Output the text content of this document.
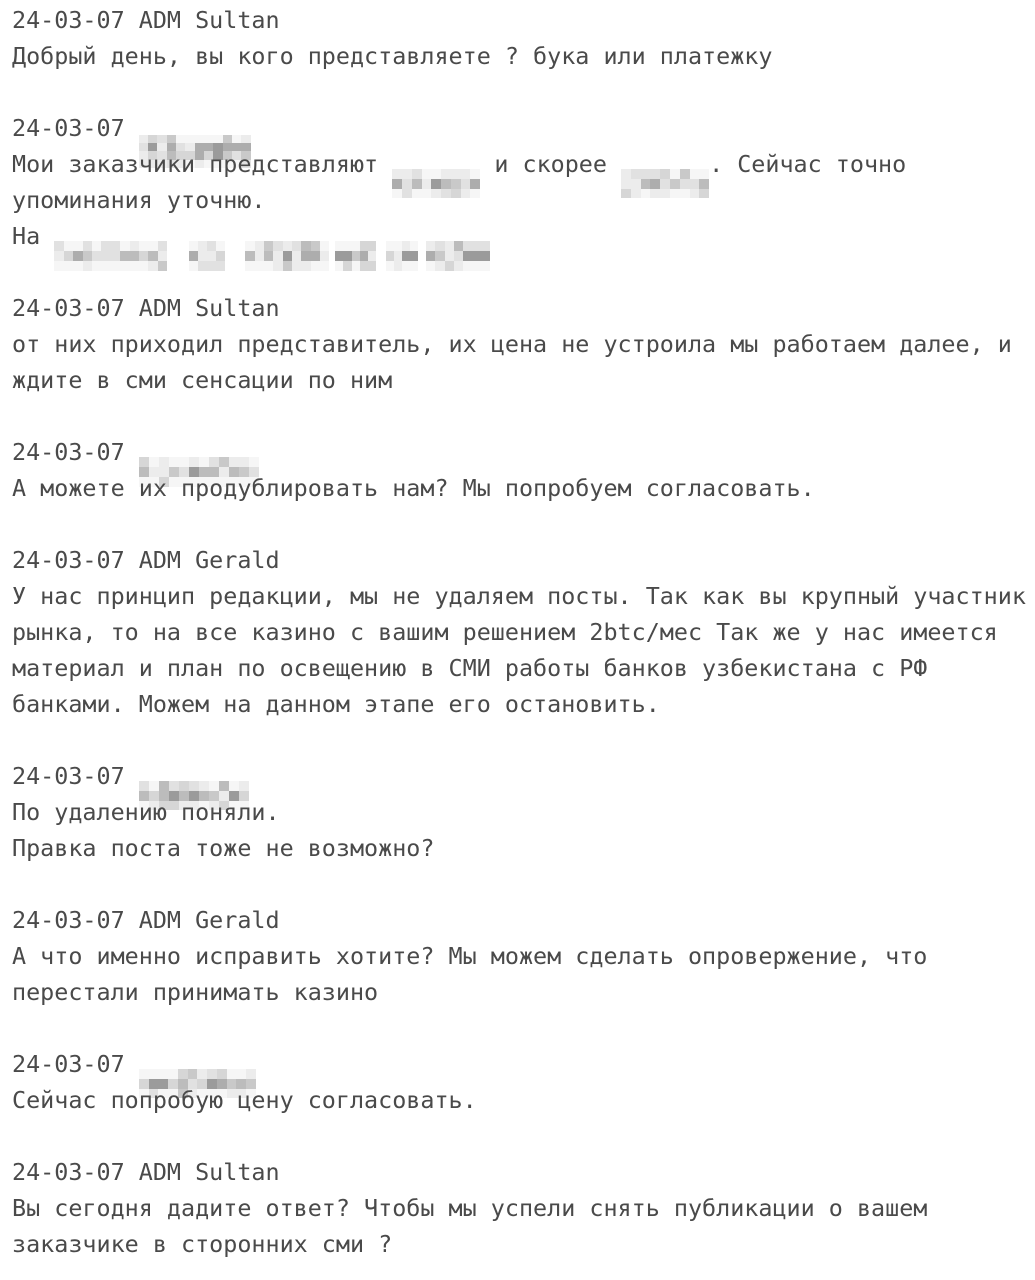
24-03-07 ADM Sultan
Добрый день, вы кого представляете ? бука или платежку
24-03-07
Мои заказчики представляют	и скорее	. Сейчас точно
упоминания уточню.
На
24-03-07 ADM Sultan
от них приходил представитель, их цена не устроила мы работаем далее, и
ждите в сми сенсации по ним
24-03-07
А можете их продублировать нам? Мы попробуем согласовать.
24-03-07 ADM Gerald
У нас принцип редакции, мы не удаляем посты. Так как вы крупный участник
рынка, то на все казино с вашим решением 2btc/мес Так же у нас имеется
материал и план по освещению в СМИ работы банков узбекистана с РФ
банками. Можем на данном этапе его остановить.
24-03-07
По удалению поняли.
Правка поста тоже не возможно?
24-03-07 ADM Gerald
А что именно исправить хотите? Мы можем сделать опровержение, что
перестали принимать казино
24-03-07
Сейчас попробую цену согласовать.
24-03-07 ADM Sultan
Вы сегодня дадите ответ? Чтобы мы успели снять публикации о вашем
заказчике в сторонних сми ?
